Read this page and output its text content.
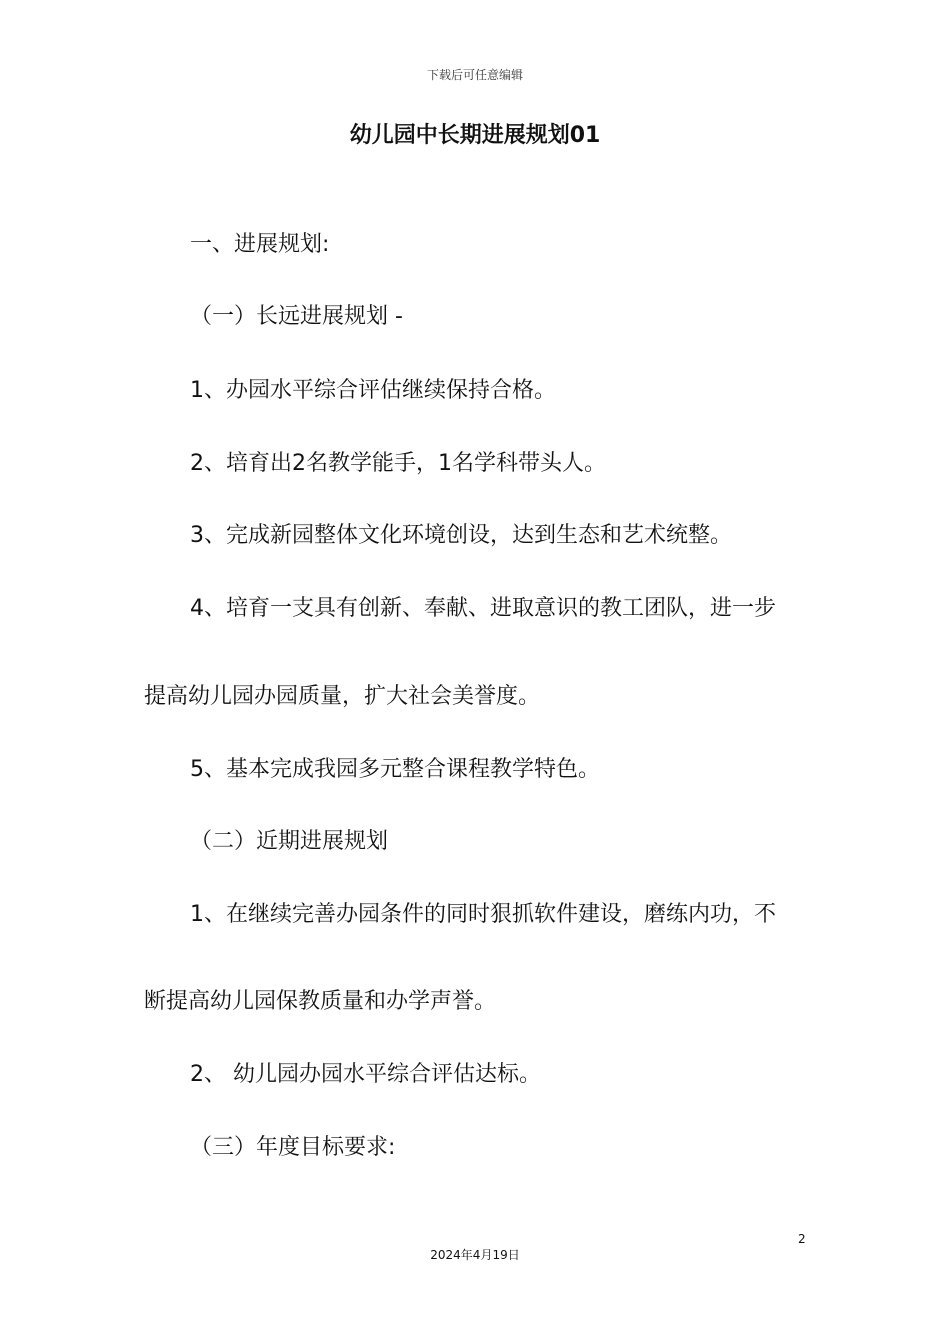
下载后可任意编辑
幼儿园中长期进展规划01
一、进展规划:
（一）长远进展规划 -
1、办园水平综合评估继续保持合格。
2、培育出2名教学能手，1名学科带头人。
3、完成新园整体文化环境创设，达到生态和艺术统整。
4、培育一支具有创新、奉献、进取意识的教工团队，进一步
提高幼儿园办园质量，扩大社会美誉度。
5、基本完成我园多元整合课程教学特色。
（二）近期进展规划
1、在继续完善办园条件的同时狠抓软件建设，磨练内功，不
断提高幼儿园保教质量和办学声誉。
2、 幼儿园办园水平综合评估达标。
（三）年度目标要求:
2
2024年4月19日
